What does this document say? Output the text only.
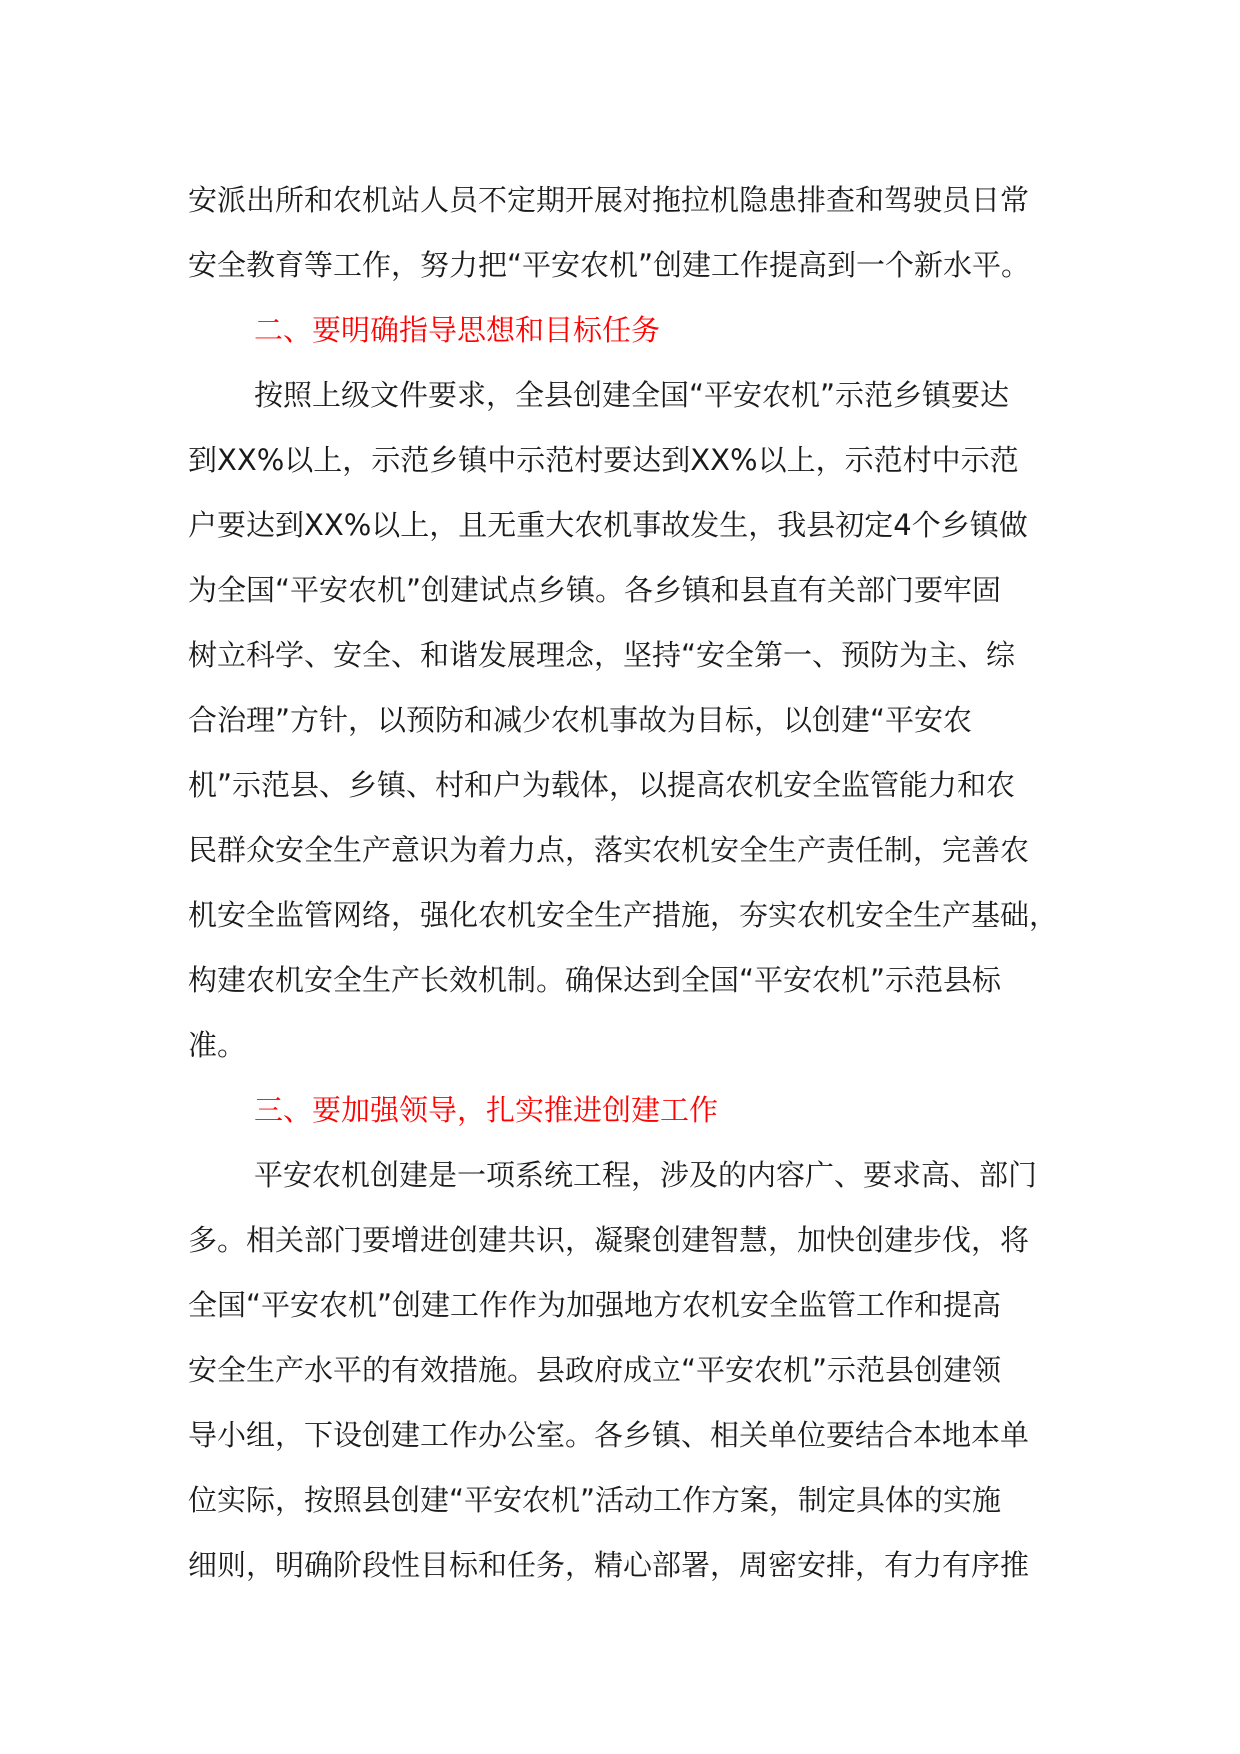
安派出所和农机站人员不定期开展对拖拉机隐患排查和驾驶员日常
安全教育等工作，努力把“平安农机”创建工作提高到一个新水平。
二、要明确指导思想和目标任务
按照上级文件要求，全县创建全国“平安农机”示范乡镇要达
到XX%以上，示范乡镇中示范村要达到XX%以上，示范村中示范
户要达到XX%以上，且无重大农机事故发生，我县初定4个乡镇做
为全国“平安农机”创建试点乡镇。各乡镇和县直有关部门要牢固
树立科学、安全、和谐发展理念，坚持“安全第一、预防为主、综
合治理”方针，以预防和减少农机事故为目标，以创建“平安农
机”示范县、乡镇、村和户为载体，以提高农机安全监管能力和农
民群众安全生产意识为着力点，落实农机安全生产责任制，完善农
机安全监管网络，强化农机安全生产措施，夯实农机安全生产基础，
构建农机安全生产长效机制。确保达到全国“平安农机”示范县标
准。
三、要加强领导，扎实推进创建工作
平安农机创建是一项系统工程，涉及的内容广、要求高、部门
多。相关部门要增进创建共识，凝聚创建智慧，加快创建步伐，将
全国“平安农机”创建工作作为加强地方农机安全监管工作和提高
安全生产水平的有效措施。县政府成立“平安农机”示范县创建领
导小组，下设创建工作办公室。各乡镇、相关单位要结合本地本单
位实际，按照县创建“平安农机”活动工作方案，制定具体的实施
细则，明确阶段性目标和任务，精心部署，周密安排，有力有序推
